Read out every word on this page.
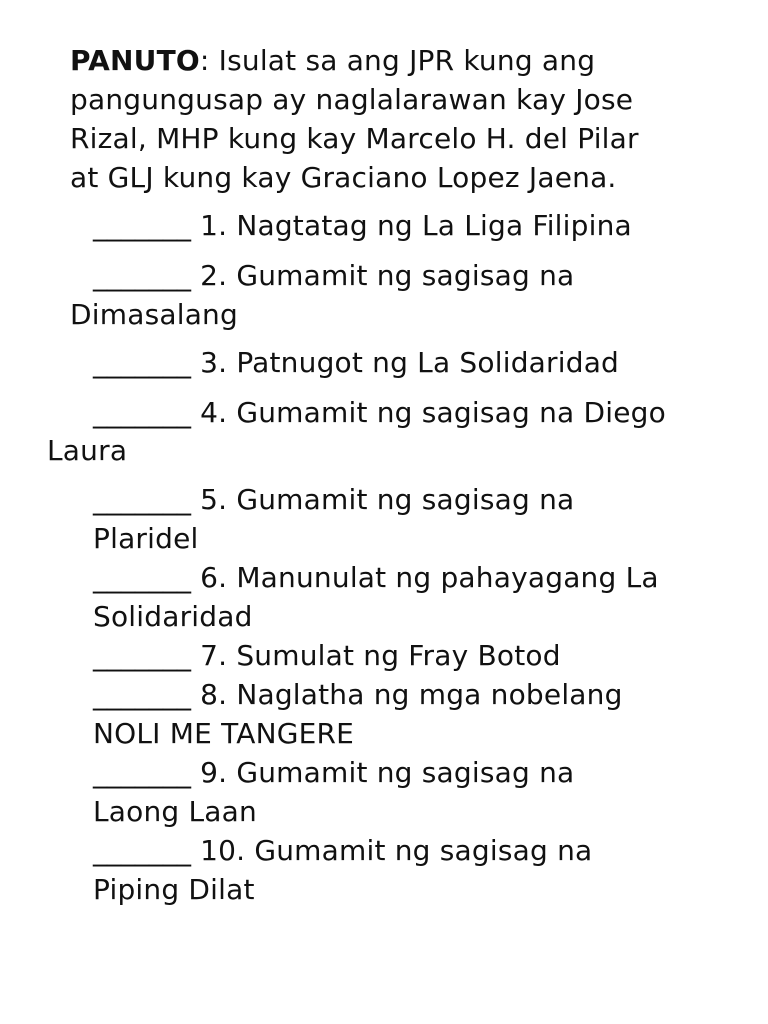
PANUTO: Isulat sa ang JPR kung ang
pangungusap ay naglalarawan kay Jose
Rizal, MHP kung kay Marcelo H. del Pilar
at GLJ kung kay Graciano Lopez Jaena.
_______ 1. Nagtatag ng La Liga Filipina
_______ 2. Gumamit ng sagisag na
Dimasalang
_______ 3. Patnugot ng La Solidaridad
_______ 4. Gumamit ng sagisag na Diego
Laura
_______ 5. Gumamit ng sagisag na
Plaridel
_______ 6. Manunulat ng pahayagang La
Solidaridad
_______ 7. Sumulat ng Fray Botod
_______ 8. Naglatha ng mga nobelang
NOLI ME TANGERE
_______ 9. Gumamit ng sagisag na
Laong Laan
_______ 10. Gumamit ng sagisag na
Piping Dilat
